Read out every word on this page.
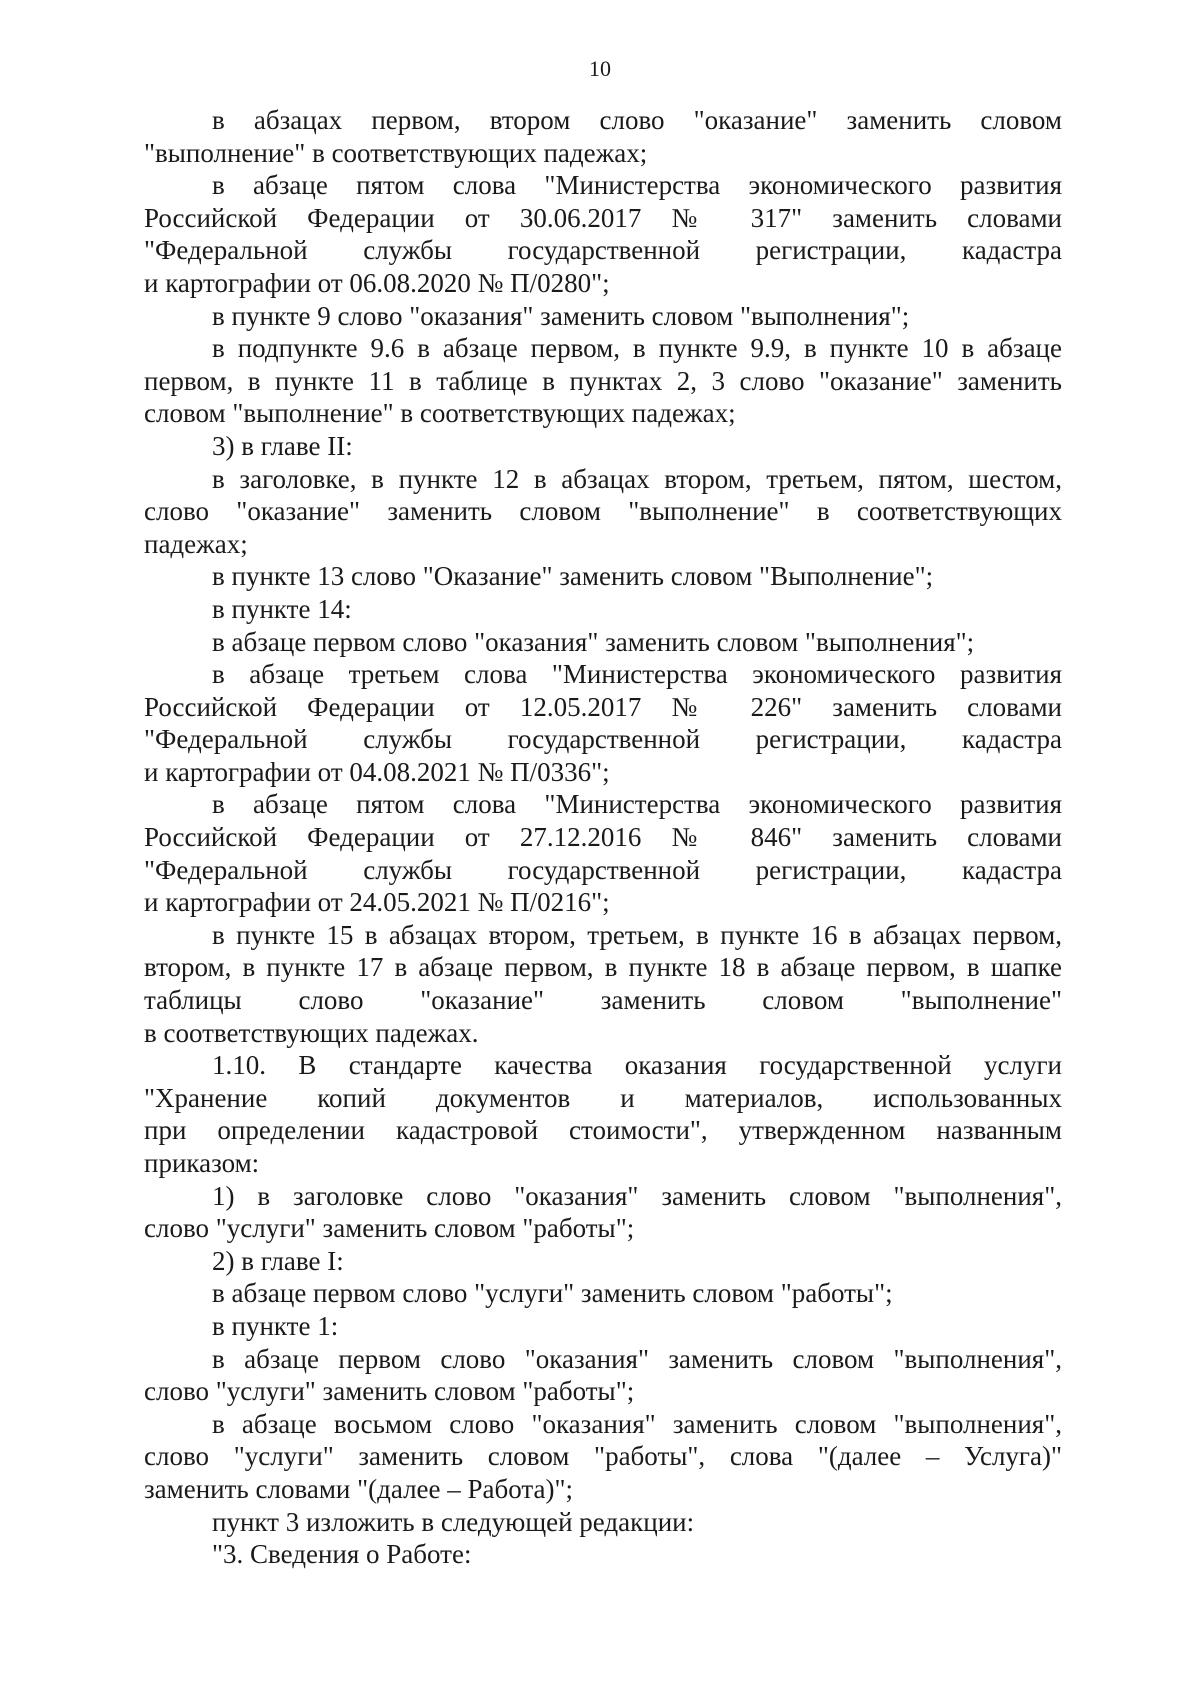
10
в абзацах первом, втором слово "оказание" заменить словом
"выполнение" в соответствующих падежах;
в абзаце пятом слова "Министерства экономического развития
Российской Федерации от 30.06.2017 № 317" заменить словами
"Федеральной службы государственной регистрации, кадастра
и картографии от 06.08.2020 № П/0280";
в пункте 9 слово "оказания" заменить словом "выполнения";
в подпункте 9.6 в абзаце первом, в пункте 9.9, в пункте 10 в абзаце
первом, в пункте 11 в таблице в пунктах 2, 3 слово "оказание" заменить
словом "выполнение" в соответствующих падежах;
3) в главе II:
в заголовке, в пункте 12 в абзацах втором, третьем, пятом, шестом,
слово "оказание" заменить словом "выполнение" в соответствующих
падежах;
в пункте 13 слово "Оказание" заменить словом "Выполнение";
в пункте 14:
в абзаце первом слово "оказания" заменить словом "выполнения";
в абзаце третьем слова "Министерства экономического развития
Российской Федерации от 12.05.2017 № 226" заменить словами
"Федеральной службы государственной регистрации, кадастра
и картографии от 04.08.2021 № П/0336";
в абзаце пятом слова "Министерства экономического развития
Российской Федерации от 27.12.2016 № 846" заменить словами
"Федеральной службы государственной регистрации, кадастра
и картографии от 24.05.2021 № П/0216";
в пункте 15 в абзацах втором, третьем, в пункте 16 в абзацах первом,
втором, в пункте 17 в абзаце первом, в пункте 18 в абзаце первом, в шапке
таблицы слово "оказание" заменить словом "выполнение"
в соответствующих падежах.
1.10. В стандарте качества оказания государственной услуги
"Хранение копий документов и материалов, использованных
при определении кадастровой стоимости", утвержденном названным
приказом:
1) в заголовке слово "оказания" заменить словом "выполнения",
слово "услуги" заменить словом "работы";
2) в главе I:
в абзаце первом слово "услуги" заменить словом "работы";
в пункте 1:
в абзаце первом слово "оказания" заменить словом "выполнения",
слово "услуги" заменить словом "работы";
в абзаце восьмом слово "оказания" заменить словом "выполнения",
слово "услуги" заменить словом "работы", слова "(далее – Услуга)"
заменить словами "(далее – Работа)";
пункт 3 изложить в следующей редакции:
"3. Сведения о Работе:
